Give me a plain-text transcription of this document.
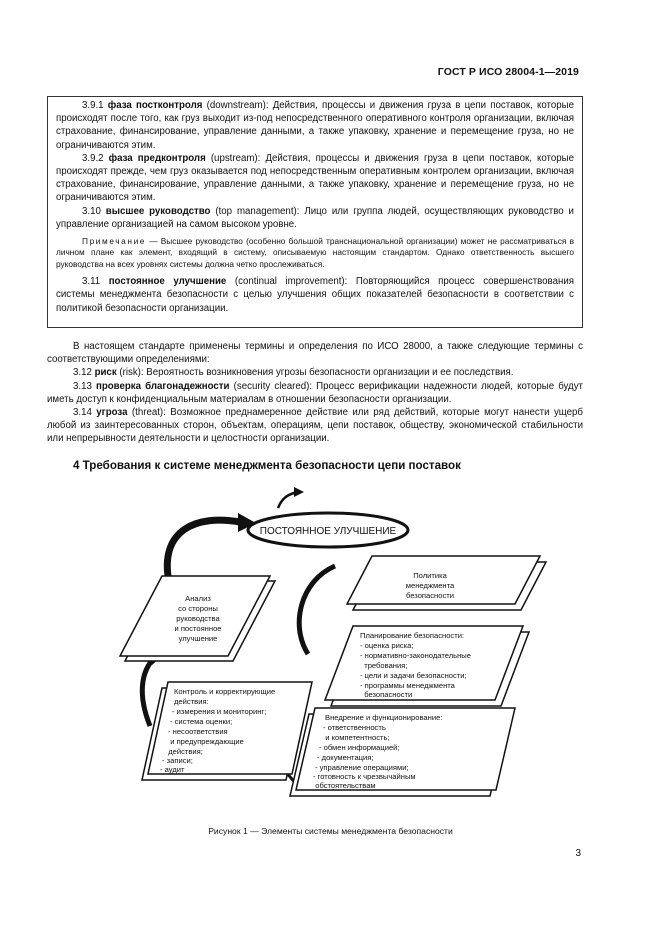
ГОСТ Р ИСО 28004-1—2019

3.9.1 фаза постконтроля (downstream): Действия, процессы и движения груза в цепи поставок, которые происходят после того, как груз выходит из-под непосредственного оперативного контроля организации, включая страхование, финансирование, управление данными, а также упаковку, хранение и перемещение груза, но не ограничиваются этим.

3.9.2 фаза предконтроля (upstream): Действия, процессы и движения груза в цепи поставок, которые происходят прежде, чем груз оказывается под непосредственным оперативным контролем организации, включая страхование, финансирование, управление данными, а также упаковку, хранение и перемещение груза, но не ограничиваются этим.

3.10 высшее руководство (top management): Лицо или группа людей, осуществляющих руководство и управление организацией на самом высоком уровне.

Примечание — Высшее руководство (особенно большой транснациональной организации) может не рассматриваться в личном плане как элемент, входящий в систему, описываемую настоящим стандартом. Однако ответственность высшего руководства на всех уровнях системы должна четко прослеживаться.

3.11 постоянное улучшение (continual improvement): Повторяющийся процесс совершенствования системы менеджмента безопасности с целью улучшения общих показателей безопасности в соответствии с политикой безопасности организации.

В настоящем стандарте применены термины и определения по ИСО 28000, а также следующие термины с соответствующими определениями:

3.12 риск (risk): Вероятность возникновения угрозы безопасности организации и ее последствия.

3.13 проверка благонадежности (security cleared): Процесс верификации надежности людей, которые будут иметь доступ к конфиденциальным материалам в отношении безопасности организации.

3.14 угроза (threat): Возможное преднамеренное действие или ряд действий, которые могут нанести ущерб любой из заинтересованных сторон, объектам, операциям, цепи поставок, обществу, экономической стабильности или непрерывности деятельности и целостности организации.

4 Требования к системе менеджмента безопасности цепи поставок
ПОСТОЯННОЕ УЛУЧШЕНИЕ
Анализ
со стороны
руководства
и постоянное
улучшение
Политика
менеджмента
безопасности
Планирование безопасности:
- оценка риска;
- нормативно-законодательные
требования;
- цели и задачи безопасности;
- программы менеджмента
безопасности
Контроль и корректирующие
действия:
- измерения и мониторинг;
- система оценки;
- несоответствия
и предупреждающие
действия;
- записи;
- аудит
Внедрение и функционирование:
- ответственность
и компетентность;
- обмен информацией;
- документация;
- управление операциями;
- готовность к чрезвычайным
обстоятельствам
Рисунок 1 — Элементы системы менеджмента безопасности
3
